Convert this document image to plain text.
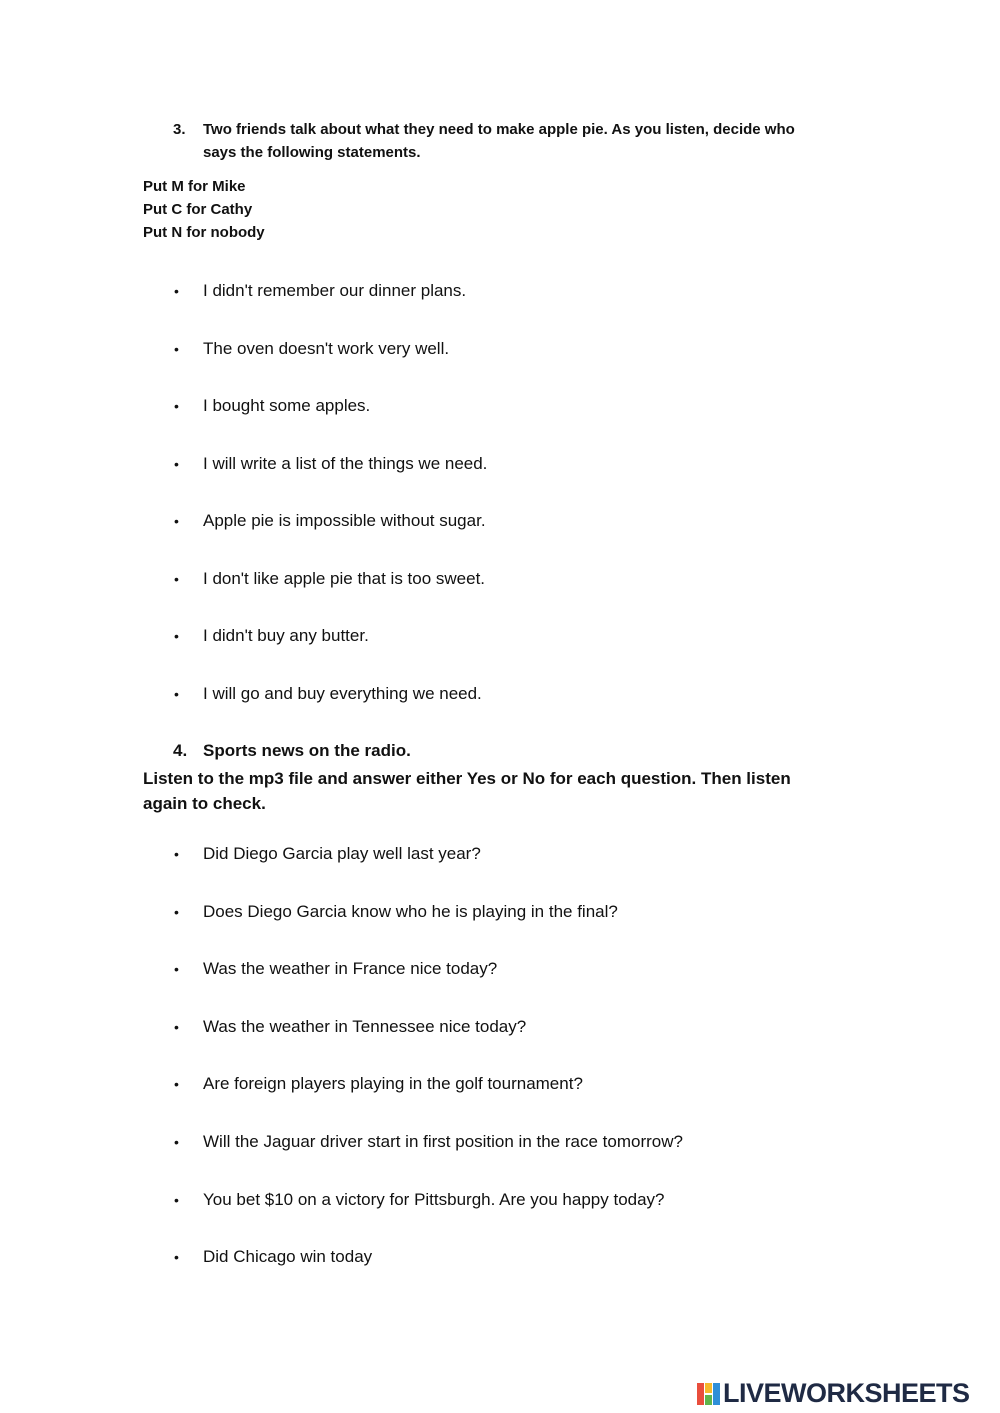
3. Two friends talk about what they need to make apple pie. As you listen, decide who
says the following statements.
Put M for Mike
Put C for Cathy
Put N for nobody
•	I didn't remember our dinner plans.
•	The oven doesn't work very well.
•	I bought some apples.
•	I will write a list of the things we need.
•	Apple pie is impossible without sugar.
•	I don't like apple pie that is too sweet.
•	I didn't buy any butter.
•	I will go and buy everything we need.
4. Sports news on the radio.
Listen to the mp3 file and answer either Yes or No for each question. Then listen
again to check.
•	Did Diego Garcia play well last year?
•	Does Diego Garcia know who he is playing in the final?
•	Was the weather in France nice today?
•	Was the weather in Tennessee nice today?
•	Are foreign players playing in the golf tournament?
•	Will the Jaguar driver start in first position in the race tomorrow?
•	You bet $10 on a victory for Pittsburgh. Are you happy today?
•	Did Chicago win today
LIVEWORKSHEETS
